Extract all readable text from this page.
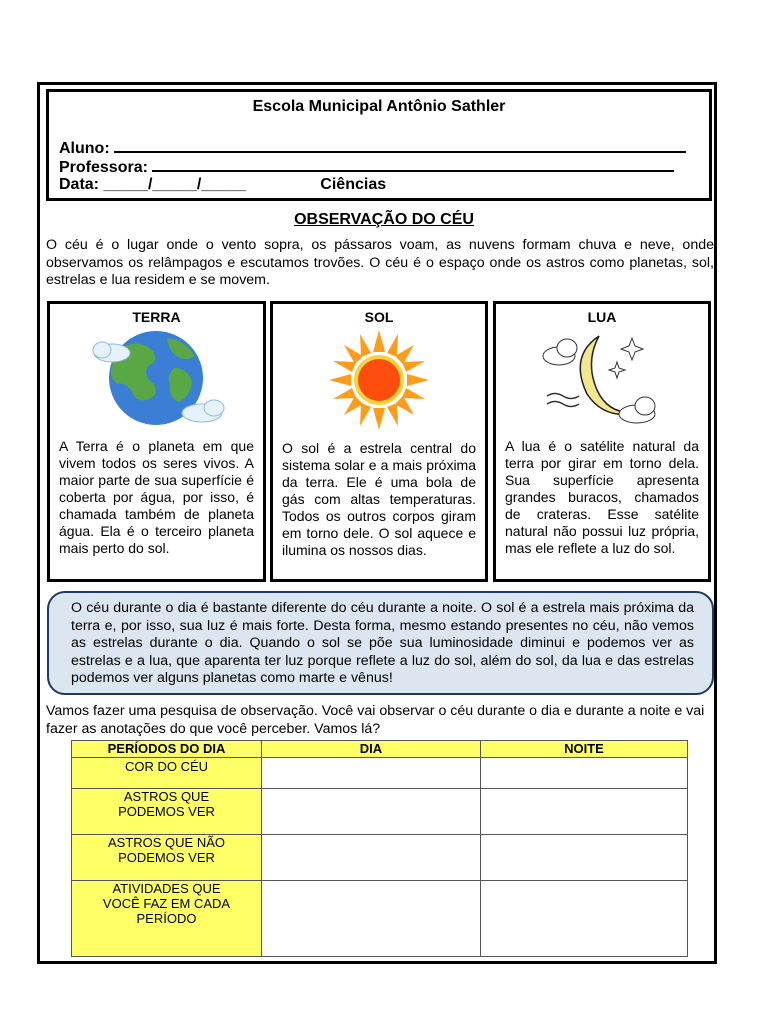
Escola Municipal Antônio Sathler
Aluno:
Professora:
Data: _____/_____/_____	Ciências
OBSERVAÇÃO DO CÉU
O céu é o lugar onde o vento sopra, os pássaros voam, as nuvens formam chuva e neve, onde observamos os relâmpagos e escutamos trovões. O céu é o espaço onde os astros como planetas, sol, estrelas e lua residem e se movem.
TERRA
A Terra é o planeta em que vivem todos os seres vivos. A maior parte de sua superfície é coberta por água, por isso, é chamada também de planeta água. Ela é o terceiro planeta mais perto do sol.
SOL
O sol é a estrela central do sistema solar e a mais próxima da terra. Ele é uma bola de gás com altas temperaturas. Todos os outros corpos giram em torno dele. O sol aquece e ilumina os nossos dias.
LUA
A lua é o satélite natural da terra por girar em torno dela. Sua superfície apresenta grandes buracos, chamados de crateras. Esse satélite natural não possui luz própria, mas ele reflete a luz do sol.
O céu durante o dia é bastante diferente do céu durante a noite. O sol é a estrela mais próxima da terra e, por isso, sua luz é mais forte. Desta forma, mesmo estando presentes no céu, não vemos as estrelas durante o dia. Quando o sol se põe sua luminosidade diminui e podemos ver as estrelas e a lua, que aparenta ter luz porque reflete a luz do sol, além do sol, da lua e das estrelas podemos ver alguns planetas como marte e vênus!
Vamos fazer uma pesquisa de observação. Você vai observar o céu durante o dia e durante a noite e vai fazer as anotações do que você perceber. Vamos lá?
PERÍODOS DO DIA	DIA	NOITE
COR DO CÉU		
ASTROS QUE PODEMOS VER		
ASTROS QUE NÃO PODEMOS VER		
ATIVIDADES QUE VOCÊ FAZ EM CADA PERÍODO		
